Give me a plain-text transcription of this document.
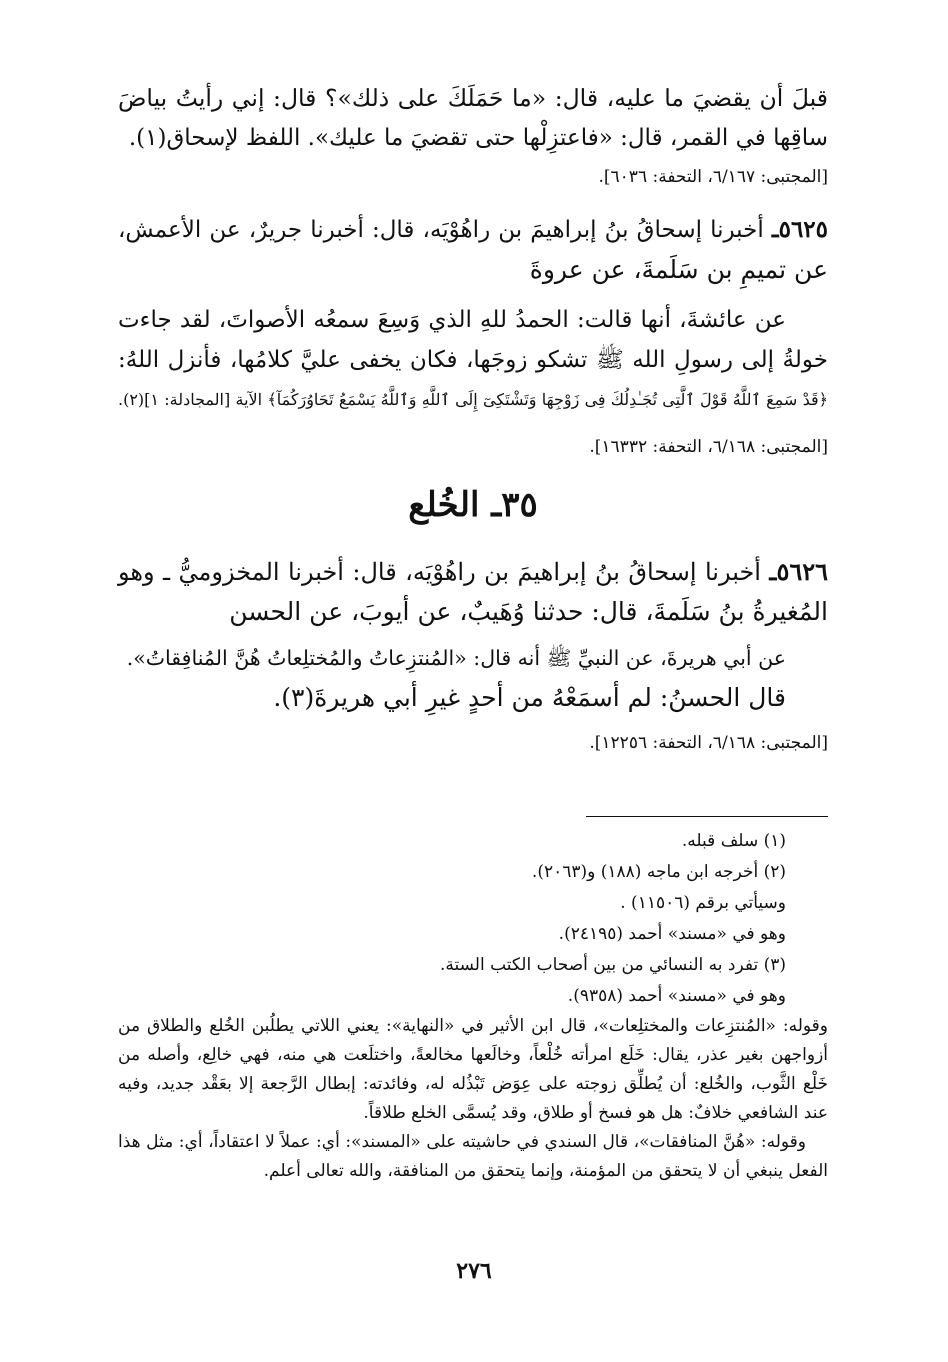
قبلَ أن يقضيَ ما عليه، قال: «ما حَمَلَكَ على ذلك»؟ قال: إني رأيتُ بياضَ
ساقِها في القمر، قال: «فاعتزِلْها حتى تقضيَ ما عليك». اللفظ لإسحاق(١).
[المجتبى: ٦/١٦٧، التحفة: ٦٠٣٦].
٥٦٢٥ـ أخبرنا إسحاقُ بنُ إبراهيمَ بن راهُوْيَه، قال: أخبرنا جريرٌ، عن الأعمش،
عن تميمِ بن سَلَمةَ، عن عروةَ
عن عائشةَ، أنها قالت: الحمدُ للهِ الذي وَسِعَ سمعُه الأصواتَ، لقد جاءت
خولةُ إلى رسولِ الله ﷺ تشكو زوجَها، فكان يخفى عليَّ كلامُها، فأنزل اللهُ:
﴿قَدْ سَمِعَ ٱللَّهُ قَوْلَ ٱلَّتِى تُجَـٰدِلُكَ فِى زَوْجِهَا وَتَشْتَكِىٓ إِلَى ٱللَّهِ وَٱللَّهُ يَسْمَعُ تَحَاوُرَكُمَآ﴾ الآية [المجادلة: ١](٢).
[المجتبى: ٦/١٦٨، التحفة: ١٦٣٣٢].
٣٥ـ الخُلع
٥٦٢٦ـ أخبرنا إسحاقُ بنُ إبراهيمَ بن راهُوْيَه، قال: أخبرنا المخزوميُّ ـ وهو
المُغيرةُ بنُ سَلَمةَ، قال: حدثنا وُهَيبٌ، عن أيوبَ، عن الحسن
عن أبي هريرةَ، عن النبيِّ ﷺ أنه قال: «المُنتزِعاتُ والمُختلِعاتُ هُنَّ المُنافِقاتُ».
قال الحسنُ: لم أسمَعْهُ من أحدٍ غيرِ أبي هريرةَ(٣).
[المجتبى: ٦/١٦٨، التحفة: ١٢٢٥٦].
(١) سلف قبله.
(٢) أخرجه ابن ماجه (١٨٨) و(٢٠٦٣).
وسيأتي برقم (١١٥٠٦) .
وهو في «مسند» أحمد (٢٤١٩٥).
(٣) تفرد به النسائي من بين أصحاب الكتب الستة.
وهو في «مسند» أحمد (٩٣٥٨).
وقوله: «المُنتزِعات والمختلِعات»، قال ابن الأثير في «النهاية»: يعني اللاتي يطلُبن الخُلع والطلاق من
أزواجهن بغير عذر، يقال: خَلَع امرأته خُلْعاً، وخالَعها مخالعةً، واختلَعت هي منه، فهي خالِع، وأصله من
خَلْع الثَّوب، والخُلع: أن يُطلِّق زوجته على عِوَض تَبْذُله له، وفائدته: إبطال الرَّجعة إلا بعَقْد جديد، وفيه
عند الشافعي خلافٌ: هل هو فسخ أو طلاق، وقد يُسمَّى الخلع طلاقاً.
وقوله: «هُنَّ المنافقات»، قال السندي في حاشيته على «المسند»: أي: عملاً لا اعتقاداً، أي: مثل هذا
الفعل ينبغي أن لا يتحقق من المؤمنة، وإنما يتحقق من المنافقة، والله تعالى أعلم.
٢٧٦
